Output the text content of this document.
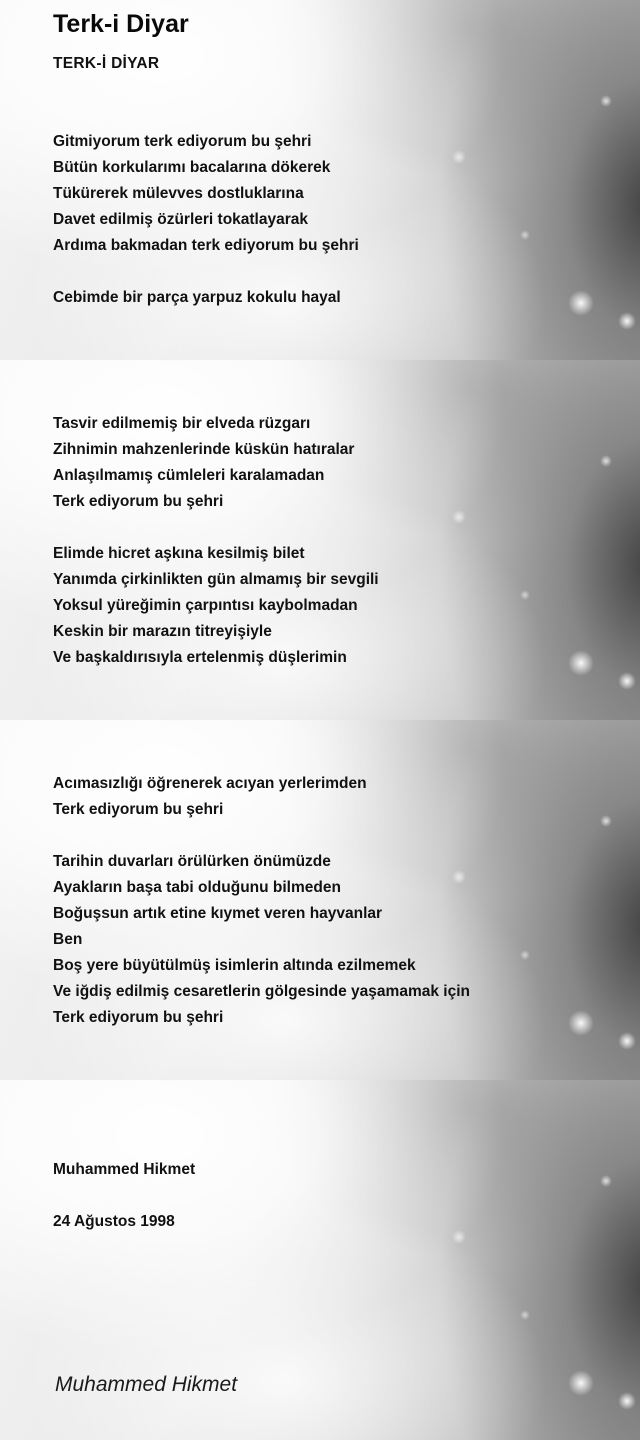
Terk-i Diyar
TERK-İ DİYAR
Gitmiyorum terk ediyorum bu şehri
Bütün korkularımı bacalarına dökerek
Tükürerek mülevves dostluklarına
Davet edilmiş özürleri tokatlayarak
Ardıma bakmadan terk ediyorum bu şehri
Cebimde bir parça yarpuz kokulu hayal
Tasvir edilmemiş bir elveda rüzgarı
Zihnimin mahzenlerinde küskün hatıralar
Anlaşılmamış cümleleri karalamadan
Terk ediyorum bu şehri
Elimde hicret aşkına kesilmiş bilet
Yanımda çirkinlikten gün almamış bir sevgili
Yoksul yüreğimin çarpıntısı kaybolmadan
Keskin bir marazın titreyişiyle
Ve başkaldırısıyla ertelenmiş düşlerimin
Acımasızlığı öğrenerek acıyan yerlerimden
Terk ediyorum bu şehri
Tarihin duvarları örülürken önümüzde
Ayakların başa tabi olduğunu bilmeden
Boğuşsun artık etine kıymet veren hayvanlar
Ben
Boş yere büyütülmüş isimlerin altında ezilmemek
Ve iğdiş edilmiş cesaretlerin gölgesinde yaşamamak için
Terk ediyorum bu şehri
Muhammed Hikmet
24 Ağustos 1998
Muhammed Hikmet
